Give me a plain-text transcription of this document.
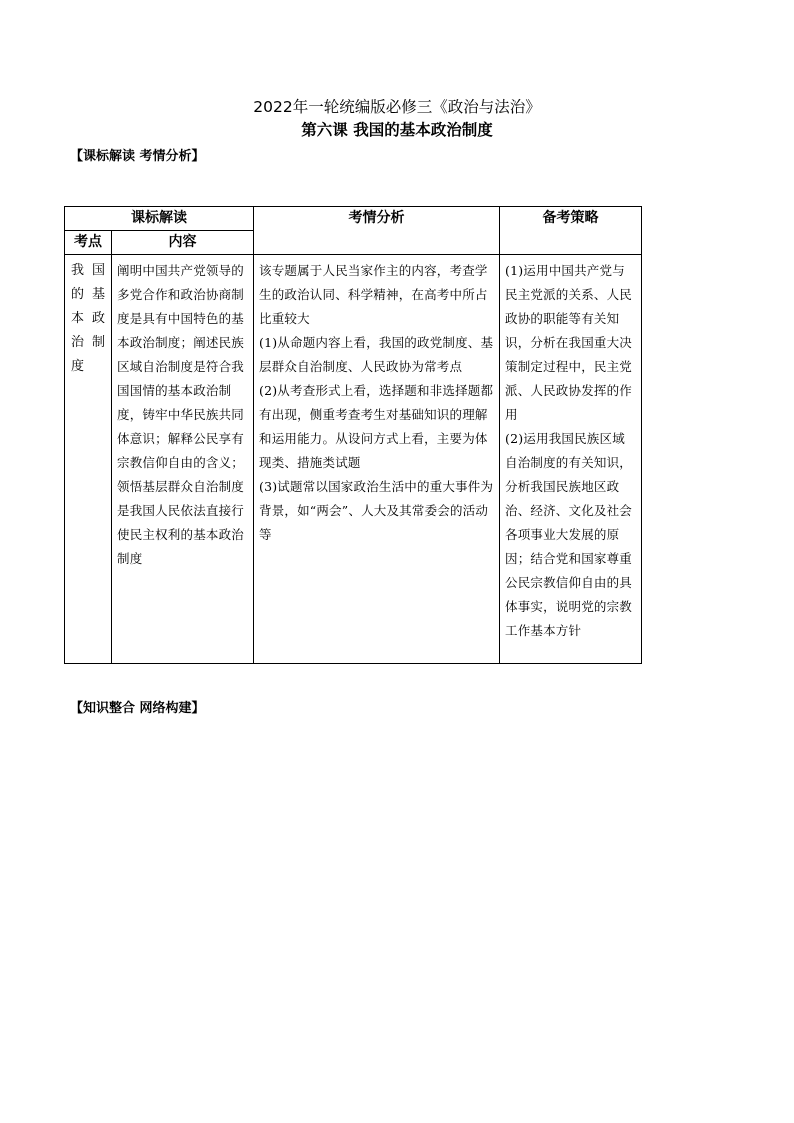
2022年一轮统编版必修三《政治与法治》
第六课 我国的基本政治制度
【课标解读 考情分析】
课标解读		考情分析	备考策略
考点	内容		
我国的基本政治制度	阐明中国共产党领导的多党合作和政治协商制度是具有中国特色的基本政治制度；阐述民族区域自治制度是符合我国国情的基本政治制度，铸牢中华民族共同体意识；解释公民享有宗教信仰自由的含义；领悟基层群众自治制度是我国人民依法直接行使民主权利的基本政治制度	该专题属于人民当家作主的内容，考查学生的政治认同、科学精神，在高考中所占比重较大
(1)从命题内容上看，我国的政党制度、基层群众自治制度、人民政协为常考点
(2)从考查形式上看，选择题和非选择题都有出现，侧重考查考生对基础知识的理解和运用能力。从设问方式上看，主要为体现类、措施类试题
(3)试题常以国家政治生活中的重大事件为背景，如“两会”、人大及其常委会的活动等	(1)运用中国共产党与民主党派的关系、人民政协的职能等有关知识，分析在我国重大决策制定过程中，民主党派、人民政协发挥的作用
(2)运用我国民族区域自治制度的有关知识，分析我国民族地区政治、经济、文化及社会各项事业大发展的原因；结合党和国家尊重公民宗教信仰自由的具体事实，说明党的宗教工作基本方针
【知识整合 网络构建】
